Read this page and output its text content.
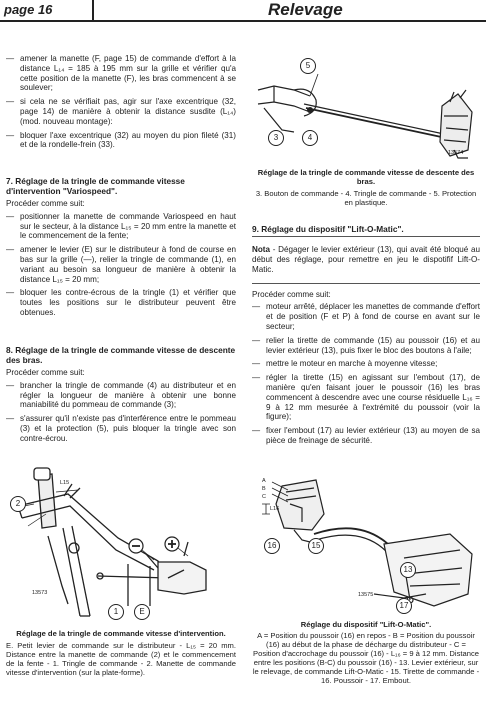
page 16	Relevage
— amener la manette (F, page 15) de commande d'effort à la distance L₁₄ = 185 à 195 mm sur la grille et vérifier qu'a cette position de la manette (F), les bras commencent à se soulever;
— si cela ne se vérifiait pas, agir sur l'axe excentrique (32, page 14) de manière à obtenir la distance susdite (L₁₄) (mod. nouveau montage):
— bloquer l'axe excentrique (32) au moyen du pion fileté (31) et de la rondelle-frein (33).

7. Réglage de la tringle de commande vitesse d'intervention "Variospeed".

Procéder comme suit:

— positionner la manette de commande Variospeed en haut sur le secteur, à la distance L₁₅ = 20 mm entre la manette et le commencement de la fente;
— amener le levier (E) sur le distributeur à fond de course en bas sur la grille (—), relier la tringle de commande (1), en variant au besoin sa longueur de manière à obtenir la distance L₁₅ = 20 mm;
— bloquer les contre-écrous de la tringle (1) et vérifier que toutes les positions sur le distributeur peuvent être obtenues.

8. Réglage de la tringle de commande vitesse de descente des bras.

Procéder comme suit:

— brancher la tringle de commande (4) au distributeur et en régler la longueur de manière à obtenir une bonne maniabilité du pommeau de commande (3);
— s'assurer qu'il n'existe pas d'interférence entre le pommeau (3) et la protection (5), puis bloquer la tringle avec son contre-écrou.
L15
13573
2
1	E
Réglage de la tringle de commande vitesse d'intervention.
E. Petit levier de commande sur le distributeur - L₁₅ = 20 mm. Distance entre la manette de commande (2) et le commencement de la fente - 1. Tringle de commande - 2. Manette de commande vitesse d'intervention (sur la plate-forme).
13574
5
3	4
Réglage de la tringle de commande vitesse de descente des bras.
3. Bouton de commande - 4. Tringle de commande - 5. Protection en plastique.

9. Réglage du dispositif "Lift-O-Matic".

Nota - Dégager le levier extérieur (13), qui avait été bloqué au début des réglage, pour remettre en jeu le dispotifif Lift-O-Matic.

Procéder comme suit:

— moteur arrêté, déplacer les manettes de commande d'effort et de position (F et P) à fond de course en avant sur le secteur;
— relier la tirette de commande (15) au poussoir (16) et au levier extérieur (13), puis fixer le bloc des boutons à l'aile;
— mettre le moteur en marche à moyenne vitesse;
— régler la tirette (15) en agissant sur l'embout (17), de manière qu'en faisant jouer le poussoir (16) les bras commencent à descendre avec une course résiduelle L₁₆ = 9 à 12 mm mesurée à l'extrémité du poussoir (voir la figure);
— fixer l'embout (17) au levier extérieur (13) au moyen de sa pièce de freinage de sécurité.
A
B
C
L16
13575
16	15
13
17
Réglage du dispositif "Lift-O-Matic".
A = Position du poussoir (16) en repos - B = Position du poussoir (16) au début de la phase de décharge du distributeur - C = Position d'accrochage du poussoir (16) - L₁₆ = 9 à 12 mm. Distance entre les positions (B-C) du poussoir (16) - 13. Levier extérieur, sur le relevage, de commande Lift-O-Matic - 15. Tirette de commande - 16. Poussoir - 17. Embout.
